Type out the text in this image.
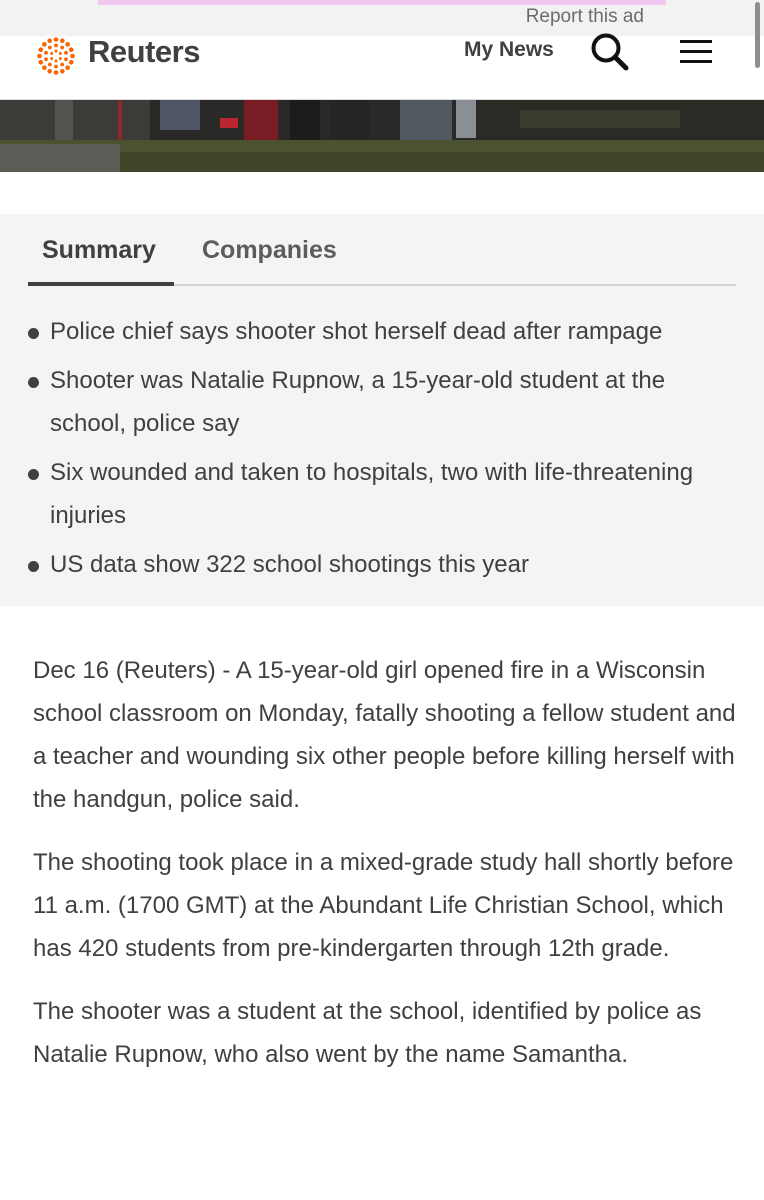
Report this ad
Reuters	My News
Summary Companies
Police chief says shooter shot herself dead after rampage
Shooter was Natalie Rupnow, a 15-year-old student at the school, police say
Six wounded and taken to hospitals, two with life-threatening injuries
US data show 322 school shootings this year

Dec 16 (Reuters) - A 15-year-old girl opened fire in a Wisconsin school classroom on Monday, fatally shooting a fellow student and a teacher and wounding six other people before killing herself with the handgun, police said.

The shooting took place in a mixed-grade study hall shortly before 11 a.m. (1700 GMT) at the Abundant Life Christian School, which has 420 students from pre-kindergarten through 12th grade.

The shooter was a student at the school, identified by police as Natalie Rupnow, who also went by the name Samantha.
